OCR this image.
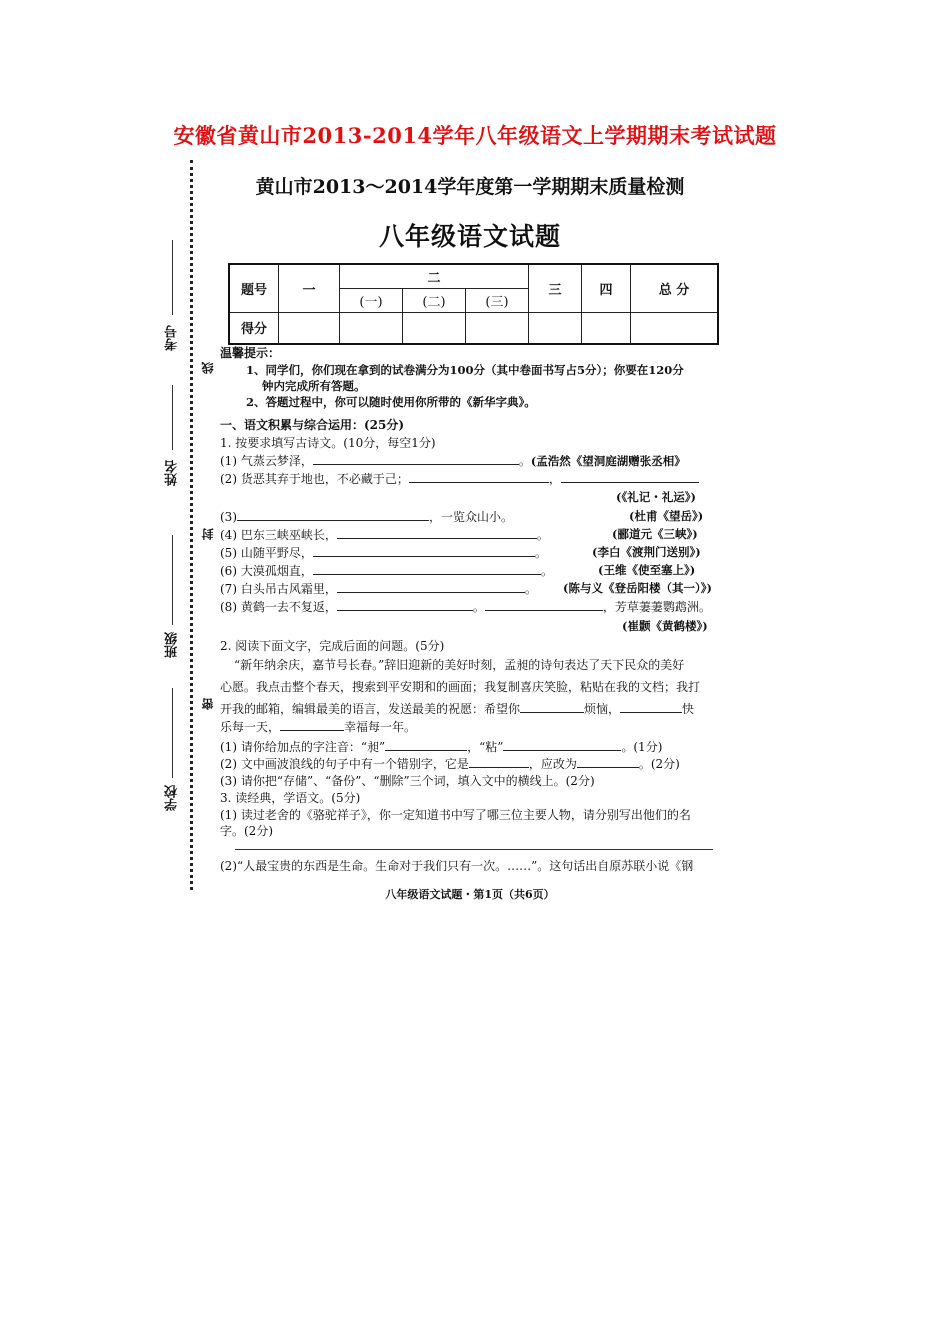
安徽省黄山市2013-2014学年八年级语文上学期期末考试试题
考号
姓名
班级
学校
线
封
密
黄山市2013～2014学年度第一学期期末质量检测
八年级语文试题
题号	一	二			三	四	总 分
		(一)	(二)	(三)			
得分							
温馨提示：
1、同学们，你们现在拿到的试卷满分为100分（其中卷面书写占5分）；你要在120分
钟内完成所有答题。
2、答题过程中，你可以随时使用你所带的《新华字典》。
一、语文积累与综合运用：(25分)
1. 按要求填写古诗文。(10分，每空1分)
(1) 气蒸云梦泽，	。(孟浩然《望洞庭湖赠张丞相》
(2) 货恶其弃于地也，不必藏于己；	，
(《礼记・礼运》)
(3)	，一览众山小。	(杜甫《望岳》)
(4) 巴东三峡巫峡长，	。	(郦道元《三峡》)
(5) 山随平野尽，	。	(李白《渡荆门送别》)
(6) 大漠孤烟直，	。	(王维《使至塞上》)
(7) 白头吊古风霜里，	。 (陈与义《登岳阳楼（其一）》)
(8) 黄鹤一去不复返，	。	，芳草萋萋鹦鹉洲。
(崔颢《黄鹤楼》)
2. 阅读下面文字，完成后面的问题。(5分)
“新年纳余庆，嘉节号长春。”辞旧迎新的美好时刻，孟昶的诗句表达了天下民众的美好
心愿。我点击整个春天，搜索到平安期和的画面；我复制喜庆笑脸，粘贴在我的文档；我打
开我的邮箱，编辑最美的语言，发送最美的祝愿：希望你	烦恼，	快
乐每一天，	幸福每一年。
(1) 请你给加点的字注音：“昶”	，“粘”	。(1分)
(2) 文中画波浪线的句子中有一个错别字，它是	，应改为	。(2分)
(3) 请你把“存储”、“备份”、“删除”三个词，填入文中的横线上。(2分)
3. 读经典，学语文。(5分)
(1) 读过老舍的《骆驼祥子》，你一定知道书中写了哪三位主要人物，请分别写出他们的名
字。(2分)
(2)“人最宝贵的东西是生命。生命对于我们只有一次。……”。这句话出自原苏联小说《钢
八年级语文试题・第1页（共6页）
